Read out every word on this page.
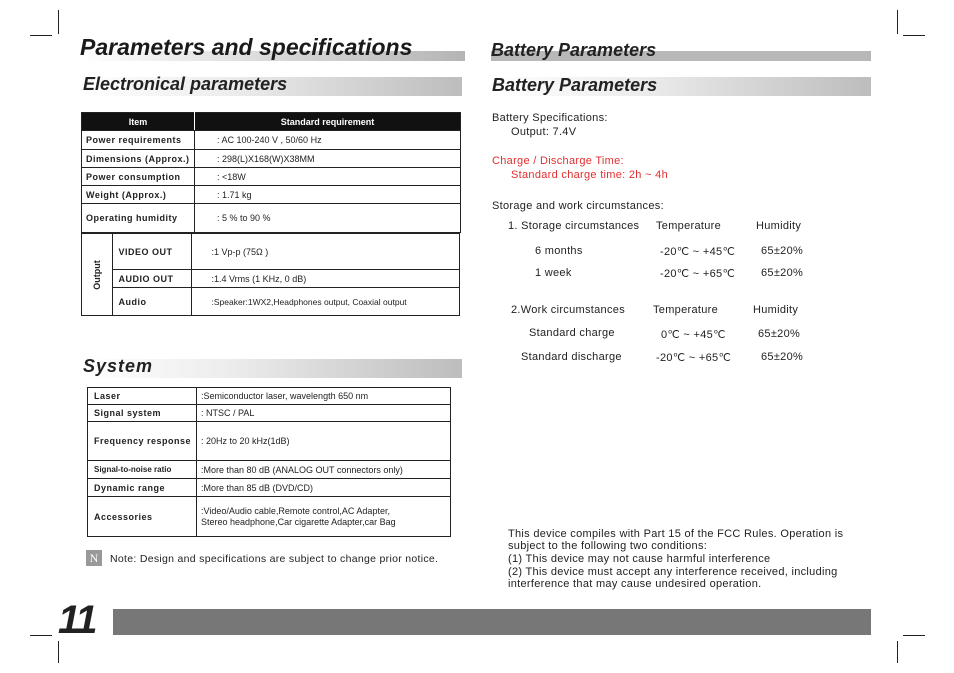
Parameters and specifications	Battery Parameters
Electronical parameters
Item	Standard requirement
Power requirements	: AC 100-240 V , 50/60 Hz
Dimensions (Approx.)	: 298(L)X168(W)X38MM
Power consumption	: <18W
Weight (Approx.)	: 1.71 kg
Operating humidity	: 5 % to 90 %
Output	VIDEO OUT	:1 Vp-p (75Ω )
	AUDIO OUT	:1.4 Vrms (1 KHz, 0 dB)
	Audio	:Speaker:1WX2,Headphones output, Coaxial output
System
Laser	:Semiconductor laser, wavelength 650 nm
Signal system	: NTSC / PAL
Frequency response	: 20Hz to 20 kHz(1dB)
Signal-to-noise ratio	:More than 80 dB (ANALOG OUT connectors only)
Dynamic range	:More than 85 dB (DVD/CD)
Accessories	:Video/Audio cable,Remote control,AC Adapter,
Stereo headphone,Car cigarette Adapter,car Bag
N	Note: Design and specifications are subject to change prior notice.
Battery Parameters
Battery Specifications:
Output: 7.4V
Charge / Discharge Time:
Standard charge time: 2h ~ 4h
Storage and work circumstances:
1. Storage circumstances Temperature	Humidity
6 months	-20℃ ~ +45℃ 65±20%
1 week	-20℃ ~ +65℃ 65±20%
2.Work circumstances	Temperature	Humidity
Standard charge	0℃ ~ +45℃	65±20%
Standard discharge	-20℃ ~ +65℃	65±20%
This device compiles with Part 15 of the FCC Rules. Operation is
subject to the following two conditions:
(1) This device may not cause harmful interference
(2) This device must accept any interference received, including
interference that may cause undesired operation.
11
